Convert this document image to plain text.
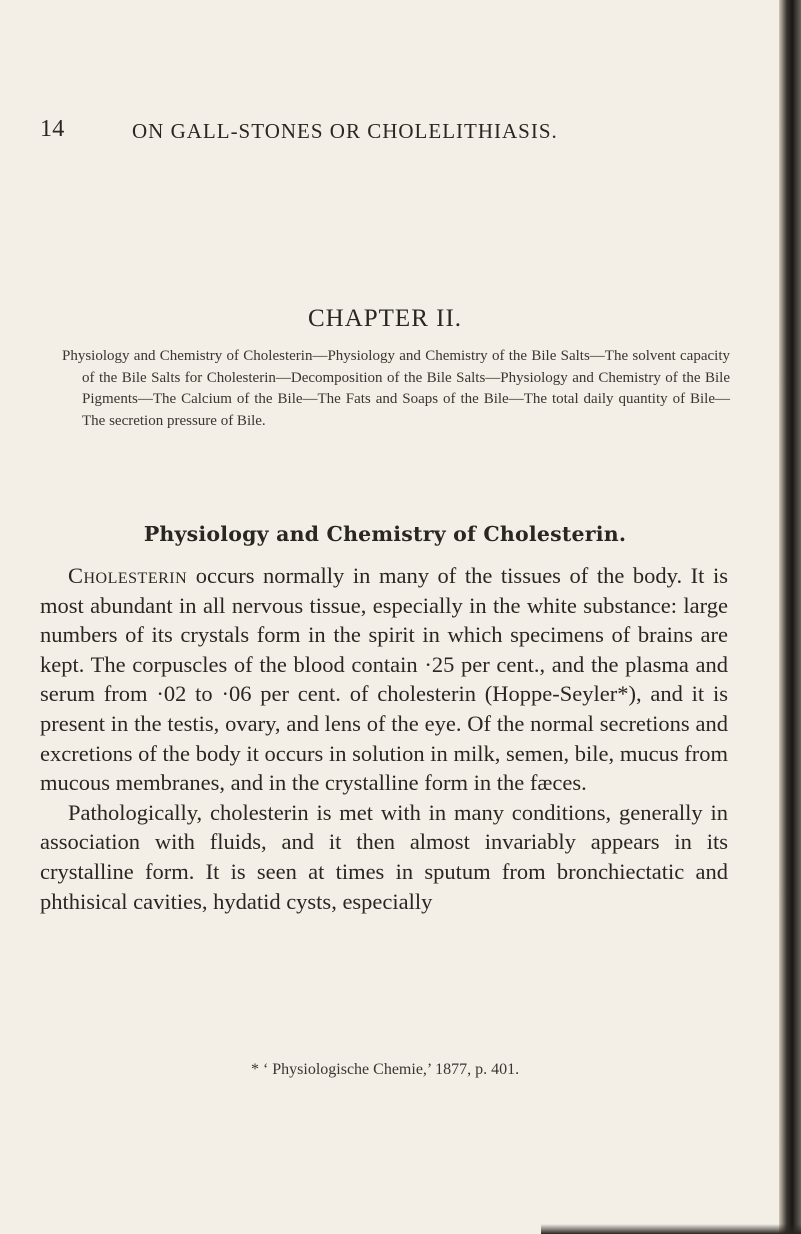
14	ON GALL-STONES OR CHOLELITHIASIS.
CHAPTER II.
Physiology and Chemistry of Cholesterin—Physiology and Chemistry of the Bile Salts—The solvent capacity of the Bile Salts for Cholesterin—Decomposition of the Bile Salts—Physiology and Chemistry of the Bile Pigments—The Calcium of the Bile—The Fats and Soaps of the Bile—The total daily quantity of Bile—The secretion pressure of Bile.
Physiology and Chemistry of Cholesterin.

Cholesterin occurs normally in many of the tissues of the body. It is most abundant in all nervous tissue, especially in the white substance: large numbers of its crystals form in the spirit in which specimens of brains are kept. The corpuscles of the blood contain ·25 per cent., and the plasma and serum from ·02 to ·06 per cent. of cholesterin (Hoppe-Seyler*), and it is present in the testis, ovary, and lens of the eye. Of the normal secretions and excretions of the body it occurs in solution in milk, semen, bile, mucus from mucous membranes, and in the crystalline form in the fæces.

Pathologically, cholesterin is met with in many conditions, generally in association with fluids, and it then almost invariably appears in its crystalline form. It is seen at times in sputum from bronchiectatic and phthisical cavities, hydatid cysts, especially

* ‘ Physiologische Chemie,’ 1877, p. 401.
